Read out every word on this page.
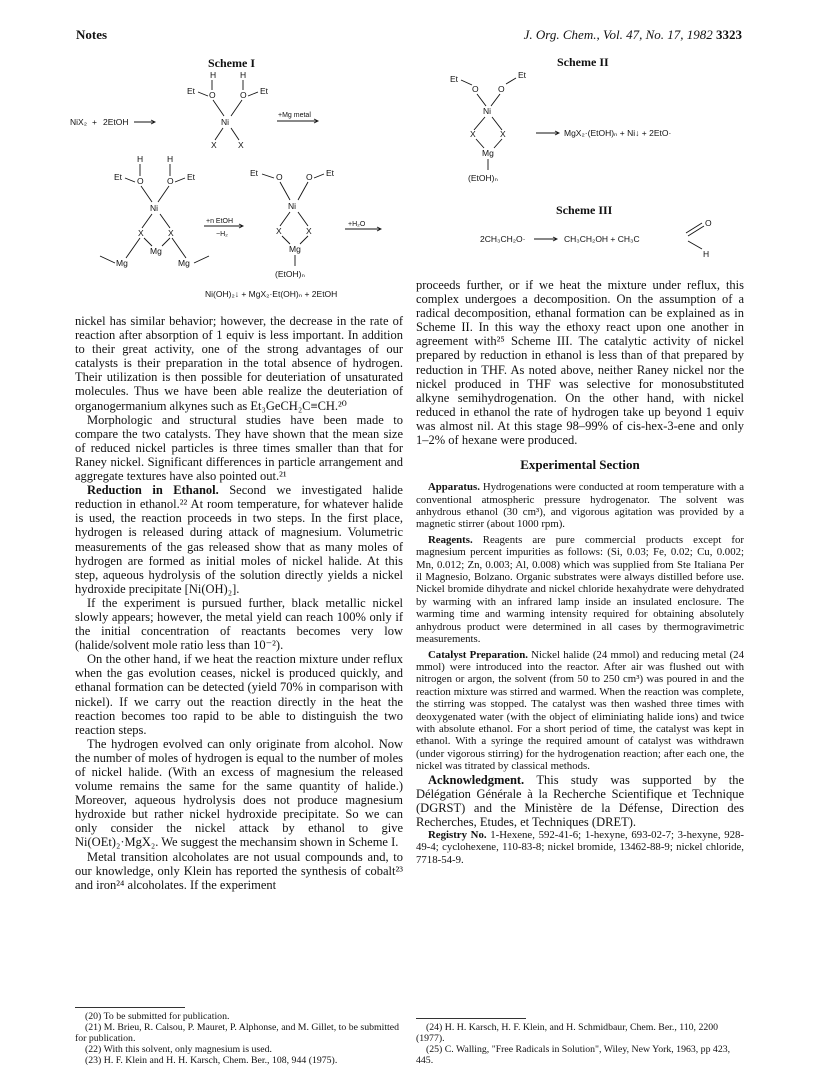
Notes	J. Org. Chem., Vol. 47, No. 17, 1982 3323
Scheme I
NiX₂ + 2EtOH
H	H
O	O
Et	Et
Ni
X	X
+Mg metal
H	H
O	O
Et	Et
Ni
X	X
Mg
Mg	Mg
+n EtOH
−H₂
O	O
Et	Et
Ni
X	X
Mg
(EtOH)ₙ
+H₂O
Ni(OH)₂↓ + MgX₂·Et(OH)ₙ + 2EtOH
Scheme II
Et	Et
O O
Ni
X	X
Mg
(EtOH)ₙ
MgX₂·(EtOH)ₙ + Ni↓ + 2EtO·
Scheme III
2CH₃CH₂O·	CH₃CH₂OH + CH₃C
O
H

nickel has similar behavior; however, the decrease in the rate of reaction after absorption of 1 equiv is less important. In addition to their great activity, one of the strong advantages of our catalysts is their preparation in the total absence of hydrogen. Their utilization is then possible for deuteriation of unsaturated molecules. Thus we have been able realize the deuteriation of organogermanium alkynes such as Et₃GeCH₂C≡CH.²⁰

Morphologic and structural studies have been made to compare the two catalysts. They have shown that the mean size of reduced nickel particles is three times smaller than that for Raney nickel. Significant differences in particle arrangement and aggregate textures have also pointed out.²¹

Reduction in Ethanol. Second we investigated halide reduction in ethanol.²² At room temperature, for whatever halide is used, the reaction proceeds in two steps. In the first place, hydrogen is released during attack of magnesium. Volumetric measurements of the gas released show that as many moles of hydrogen are formed as initial moles of nickel halide. At this step, aqueous hydrolysis of the solution directly yields a nickel hydroxide precipitate [Ni(OH)₂].

If the experiment is pursued further, black metallic nickel slowly appears; however, the metal yield can reach 100% only if the initial concentration of reactants becomes very low (halide/solvent mole ratio less than 10⁻²).

On the other hand, if we heat the reaction mixture under reflux when the gas evolution ceases, nickel is produced quickly, and ethanal formation can be detected (yield 70% in comparison with nickel). If we carry out the reaction directly in the heat the reaction becomes too rapid to be able to distinguish the two reaction steps.

The hydrogen evolved can only originate from alcohol. Now the number of moles of hydrogen is equal to the number of moles of nickel halide. (With an excess of magnesium the released volume remains the same for the same quantity of halide.) Moreover, aqueous hydrolysis does not produce magnesium hydroxide but rather nickel hydroxide precipitate. So we can only consider the nickel attack by ethanol to give Ni(OEt)₂·MgX₂. We suggest the mechansim shown in Scheme I.

Metal transition alcoholates are not usual compounds and, to our knowledge, only Klein has reported the synthesis of cobalt²³ and iron²⁴ alcoholates. If the experiment

proceeds further, or if we heat the mixture under reflux, this complex undergoes a decomposition. On the assumption of a radical decomposition, ethanal formation can be explained as in Scheme II. In this way the ethoxy react upon one another in agreement with²⁵ Scheme III. The catalytic activity of nickel prepared by reduction in ethanol is less than of that prepared by reduction in THF. As noted above, neither Raney nickel nor the nickel produced in THF was selective for monosubstituted alkyne semihydrogenation. On the other hand, with nickel reduced in ethanol the rate of hydrogen take up beyond 1 equiv was almost nil. At this stage 98–99% of cis-hex-3-ene and only 1–2% of hexane were produced.

Experimental Section

Apparatus. Hydrogenations were conducted at room temperature with a conventional atmospheric pressure hydrogenator. The solvent was anhydrous ethanol (30 cm³), and vigorous agitation was provided by a magnetic stirrer (about 1000 rpm).

Reagents. Reagents are pure commercial products except for magnesium percent impurities as follows: (Si, 0.03; Fe, 0.02; Cu, 0.002; Mn, 0.012; Zn, 0.003; Al, 0.008) which was supplied from Ste Italiana Per il Magnesio, Bolzano. Organic substrates were always distilled before use. Nickel bromide dihydrate and nickel chloride hexahydrate were dehydrated by warming with an infrared lamp inside an insulated enclosure. The warming time and warming intensity required for obtaining absolutely anhydrous product were determined in all cases by thermogravimetric measurements.

Catalyst Preparation. Nickel halide (24 mmol) and reducing metal (24 mmol) were introduced into the reactor. After air was flushed out with nitrogen or argon, the solvent (from 50 to 250 cm³) was poured in and the reaction mixture was stirred and warmed. When the reaction was complete, the stirring was stopped. The catalyst was then washed three times with deoxygenated water (with the object of eliminiating halide ions) and twice with absolute ethanol. For a short period of time, the catalyst was kept in ethanol. With a syringe the required amount of catalyst was withdrawn (under vigorous stirring) for the hydrogenation reaction; after each one, the nickel was titrated by classical methods.

Acknowledgment. This study was supported by the Délégation Générale à la Recherche Scientifique et Technique (DGRST) and the Ministère de la Défense, Direction des Recherches, Etudes, et Techniques (DRET).

Registry No. 1-Hexene, 592-41-6; 1-hexyne, 693-02-7; 3-hexyne, 928-49-4; cyclohexene, 110-83-8; nickel bromide, 13462-88-9; nickel chloride, 7718-54-9.

(20) To be submitted for publication.
(21) M. Brieu, R. Calsou, P. Mauret, P. Alphonse, and M. Gillet, to be submitted for publication.
(22) With this solvent, only magnesium is used.
(23) H. F. Klein and H. H. Karsch, Chem. Ber., 108, 944 (1975).
(24) H. H. Karsch, H. F. Klein, and H. Schmidbaur, Chem. Ber., 110, 2200 (1977).
(25) C. Walling, "Free Radicals in Solution", Wiley, New York, 1963, pp 423, 445.
